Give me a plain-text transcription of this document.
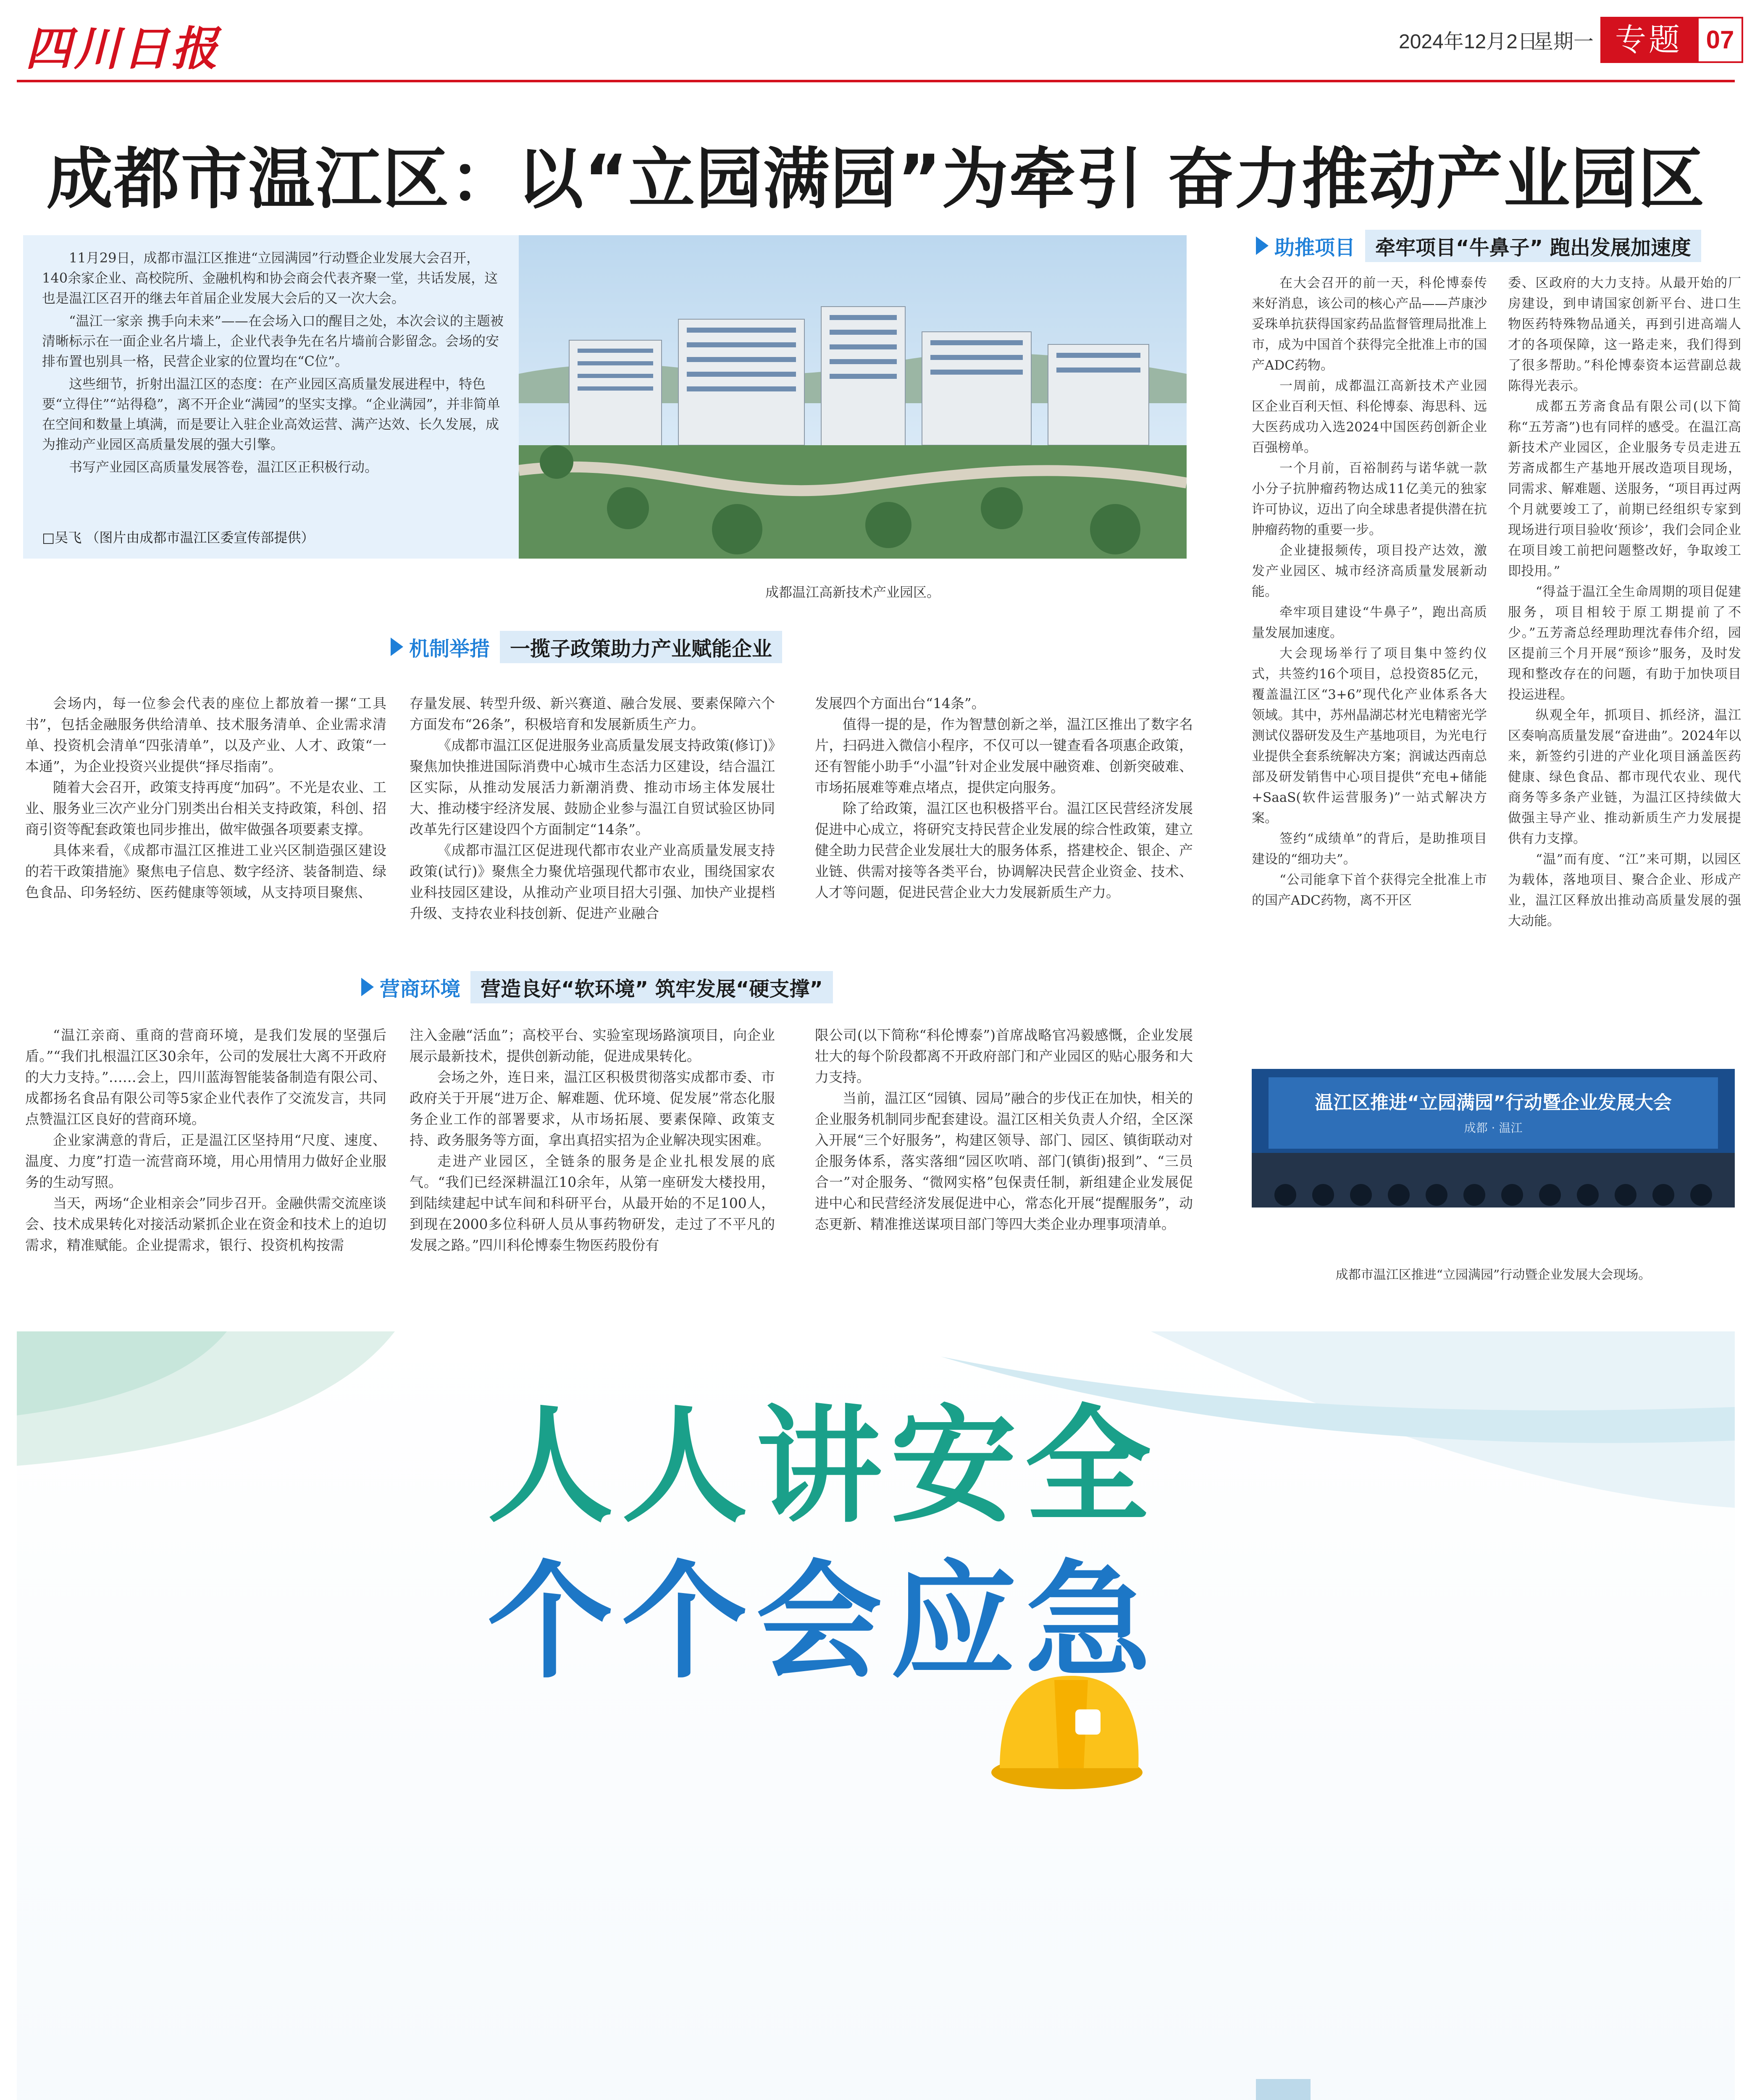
四川日报	2024年12月2日
星期一 专题 07
成都市温江区：以“立园满园”为牵引 奋力推动产业园区

11月29日，成都市温江区推进“立园满园”行动暨企业发展大会召开，140余家企业、高校院所、金融机构和协会商会代表齐聚一堂，共话发展，这也是温江区召开的继去年首届企业发展大会后的又一次大会。

“温江一家亲 携手向未来”——在会场入口的醒目之处，本次会议的主题被清晰标示在一面企业名片墙上，企业代表争先在名片墙前合影留念。会场的安排布置也别具一格，民营企业家的位置均在“C位”。

这些细节，折射出温江区的态度：在产业园区高质量发展进程中，特色要“立得住”“站得稳”，离不开企业“满园”的坚实支撑。“企业满园”，并非简单在空间和数量上填满，而是要让入驻企业高效运营、满产达效、长久发展，成为推动产业园区高质量发展的强大引擎。

书写产业园区高质量发展答卷，温江区正积极行动。

□吴飞 （图片由成都市温江区委宣传部提供）
成都温江高新技术产业园区。
机制举措	一揽子政策助力产业赋能企业

会场内，每一位参会代表的座位上都放着一摞“工具书”，包括金融服务供给清单、技术服务清单、企业需求清单、投资机会清单“四张清单”，以及产业、人才、政策“一本通”，为企业投资兴业提供“择尽指南”。

随着大会召开，政策支持再度“加码”。不光是农业、工业、服务业三次产业分门别类出台相关支持政策，科创、招商引资等配套政策也同步推出，做牢做强各项要素支撑。

具体来看，《成都市温江区推进工业兴区制造强区建设的若干政策措施》聚焦电子信息、数字经济、装备制造、绿色食品、印务轻纺、医药健康等领域，从支持项目聚焦、

存量发展、转型升级、新兴赛道、融合发展、要素保障六个方面发布“26条”，积极培育和发展新质生产力。

《成都市温江区促进服务业高质量发展支持政策(修订)》聚焦加快推进国际消费中心城市生态活力区建设，结合温江区实际，从推动发展活力新潮消费、推动市场主体发展壮大、推动楼宇经济发展、鼓励企业参与温江自贸试验区协同改革先行区建设四个方面制定“14条”。

《成都市温江区促进现代都市农业产业高质量发展支持政策(试行)》聚焦全力聚优培强现代都市农业，围绕国家农业科技园区建设，从推动产业项目招大引强、加快产业提档升级、支持农业科技创新、促进产业融合

发展四个方面出台“14条”。

值得一提的是，作为智慧创新之举，温江区推出了数字名片，扫码进入微信小程序，不仅可以一键查看各项惠企政策，还有智能小助手“小温”针对企业发展中融资难、创新突破难、市场拓展难等难点堵点，提供定向服务。

除了给政策，温江区也积极搭平台。温江区民营经济发展促进中心成立，将研究支持民营企业发展的综合性政策，建立健全助力民营企业发展壮大的服务体系，搭建校企、银企、产业链、供需对接等各类平台，协调解决民营企业资金、技术、人才等问题，促进民营企业大力发展新质生产力。

营商环境	营造良好“软环境” 筑牢发展“硬支撑”

“温江亲商、重商的营商环境，是我们发展的坚强后盾。”“我们扎根温江区30余年，公司的发展壮大离不开政府的大力支持。”……会上，四川蓝海智能装备制造有限公司、成都扬名食品有限公司等5家企业代表作了交流发言，共同点赞温江区良好的营商环境。

企业家满意的背后，正是温江区坚持用“尺度、速度、温度、力度”打造一流营商环境，用心用情用力做好企业服务的生动写照。

当天，两场“企业相亲会”同步召开。金融供需交流座谈会、技术成果转化对接活动紧抓企业在资金和技术上的迫切需求，精准赋能。企业提需求，银行、投资机构按需

注入金融“活血”；高校平台、实验室现场路演项目，向企业展示最新技术，提供创新动能，促进成果转化。

会场之外，连日来，温江区积极贯彻落实成都市委、市政府关于开展“进万企、解难题、优环境、促发展”常态化服务企业工作的部署要求，从市场拓展、要素保障、政策支持、政务服务等方面，拿出真招实招为企业解决现实困难。

走进产业园区，全链条的服务是企业扎根发展的底气。“我们已经深耕温江10余年，从第一座研发大楼投用，到陆续建起中试车间和科研平台，从最开始的不足100人，到现在2000多位科研人员从事药物研发，走过了不平凡的发展之路。”四川科伦博泰生物医药股份有

限公司(以下简称“科伦博泰”)首席战略官冯毅感慨，企业发展壮大的每个阶段都离不开政府部门和产业园区的贴心服务和大力支持。

当前，温江区“园镇、园局”融合的步伐正在加快，相关的企业服务机制同步配套建设。温江区相关负责人介绍，全区深入开展“三个好服务”，构建区领导、部门、园区、镇街联动对企服务体系，落实落细“园区吹哨、部门(镇街)报到”、“三员合一”对企服务、“微网实格”包保责任制，新组建企业发展促进中心和民营经济发展促进中心，常态化开展“提醒服务”，动态更新、精准推送谋项目部门等四大类企业办理事项清单。

助推项目	牵牢项目“牛鼻子” 跑出发展加速度

在大会召开的前一天，科伦博泰传来好消息，该公司的核心产品——芦康沙妥珠单抗获得国家药品监督管理局批准上市，成为中国首个获得完全批准上市的国产ADC药物。

一周前，成都温江高新技术产业园区企业百利天恒、科伦博泰、海思科、远大医药成功入选2024中国医药创新企业百强榜单。

一个月前，百裕制药与诺华就一款小分子抗肿瘤药物达成11亿美元的独家许可协议，迈出了向全球患者提供潜在抗肿瘤药物的重要一步。

企业捷报频传，项目投产达效，激发产业园区、城市经济高质量发展新动能。

牵牢项目建设“牛鼻子”，跑出高质量发展加速度。

大会现场举行了项目集中签约仪式，共签约16个项目，总投资85亿元，覆盖温江区“3+6”现代化产业体系各大领域。其中，苏州晶湖芯材光电精密光学测试仪器研发及生产基地项目，为光电行业提供全套系统解决方案；润诚达西南总部及研发销售中心项目提供“充电+储能+SaaS(软件运营服务)”一站式解决方案。

签约“成绩单”的背后，是助推项目建设的“细功夫”。

“公司能拿下首个获得完全批准上市的国产ADC药物，离不开区

委、区政府的大力支持。从最开始的厂房建设，到申请国家创新平台、进口生物医药特殊物品通关，再到引进高端人才的各项保障，这一路走来，我们得到了很多帮助。”科伦博泰资本运营副总裁陈得光表示。

成都五芳斋食品有限公司(以下简称“五芳斋”)也有同样的感受。在温江高新技术产业园区，企业服务专员走进五芳斋成都生产基地开展改造项目现场，同需求、解难题、送服务，“项目再过两个月就要竣工了，前期已经组织专家到现场进行项目验收‘预诊’，我们会同企业在项目竣工前把问题整改好，争取竣工即投用。”

“得益于温江全生命周期的项目促建服务，项目相较于原工期提前了不少。”五芳斋总经理助理沈春伟介绍，园区提前三个月开展“预诊”服务，及时发现和整改存在的问题，有助于加快项目投运进程。

纵观全年，抓项目、抓经济，温江区奏响高质量发展“奋进曲”。2024年以来，新签约引进的产业化项目涵盖医药健康、绿色食品、都市现代农业、现代商务等多条产业链，为温江区持续做大做强主导产业、推动新质生产力发展提供有力支撑。

“温”而有度、“江”来可期，以园区为载体，落地项目、聚合企业、形成产业，温江区释放出推动高质量发展的强大动能。

温江区推进“立园满园”行动暨企业发展大会
成都 · 温江
成都市温江区推进“立园满园”行动暨企业发展大会现场。
人人讲安全
个个会应急
